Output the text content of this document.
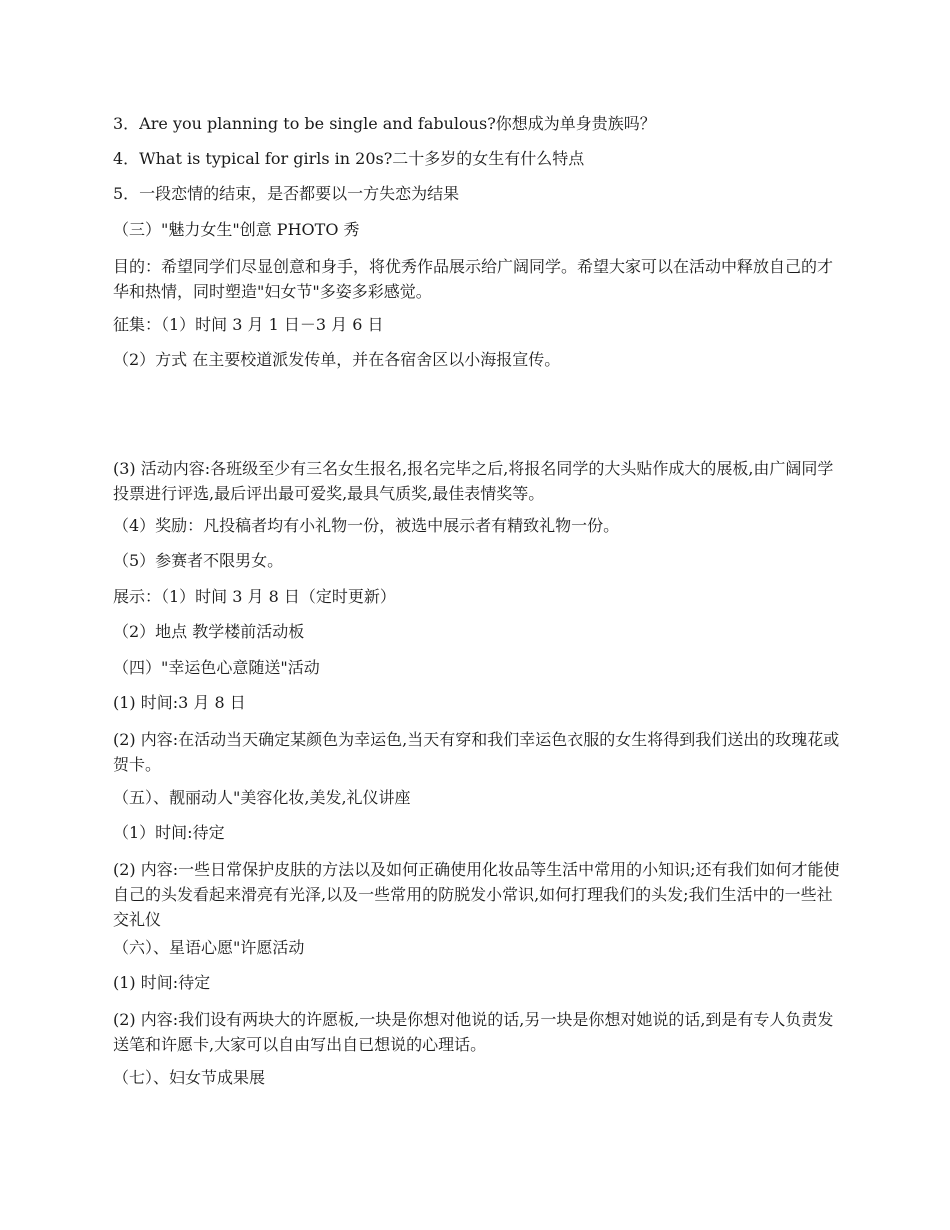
3．Are you planning to be single and fabulous?你想成为单身贵族吗？

4．What is typical for girls in 20s?二十多岁的女生有什么特点

5．一段恋情的结束，是否都要以一方失恋为结果

（三）"魅力女生"创意 PHOTO 秀

目的：希望同学们尽显创意和身手，将优秀作品展示给广阔同学。希望大家可以在活动中释放自己的才华和热情，同时塑造"妇女节"多姿多彩感觉。

征集：（1）时间 3 月 1 日－3 月 6 日

（2）方式 在主要校道派发传单，并在各宿舍区以小海报宣传。

(3) 活动内容:各班级至少有三名女生报名,报名完毕之后,将报名同学的大头贴作成大的展板,由广阔同学投票进行评选,最后评出最可爱奖,最具气质奖,最佳表情奖等。

（4）奖励：凡投稿者均有小礼物一份，被选中展示者有精致礼物一份。

（5）参赛者不限男女。

展示：（1）时间 3 月 8 日（定时更新）

（2）地点 教学楼前活动板

（四）"幸运色心意随送"活动

(1) 时间:3 月 8 日

(2) 内容:在活动当天确定某颜色为幸运色,当天有穿和我们幸运色衣服的女生将得到我们送出的玫瑰花或贺卡。

（五）、靓丽动人"美容化妆,美发,礼仪讲座

（1）时间:待定

(2) 内容:一些日常保护皮肤的方法以及如何正确使用化妆品等生活中常用的小知识;还有我们如何才能使自己的头发看起来滑亮有光泽,以及一些常用的防脱发小常识,如何打理我们的头发;我们生活中的一些社交礼仪

（六）、星语心愿"许愿活动

(1) 时间:待定

(2) 内容:我们设有两块大的许愿板,一块是你想对他说的话,另一块是你想对她说的话,到是有专人负责发送笔和许愿卡,大家可以自由写出自已想说的心理话。

（七）、妇女节成果展
